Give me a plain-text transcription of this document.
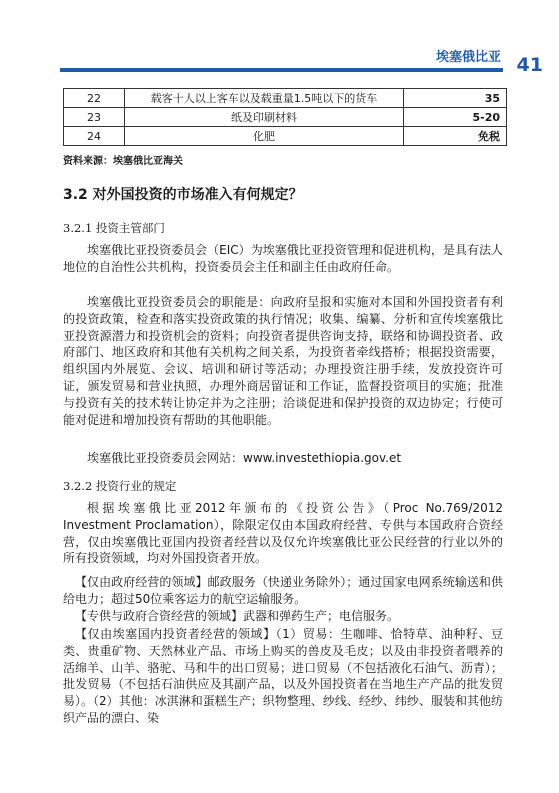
埃塞俄比亚 41
22	载客十人以上客车以及载重量1.5吨以下的货车	35
23	纸及印刷材料	5-20
24	化肥	免税
资料来源：埃塞俄比亚海关
3.2 对外国投资的市场准入有何规定？
3.2.1 投资主管部门

埃塞俄比亚投资委员会（EIC）为埃塞俄比亚投资管理和促进机构，是具有法人地位的自治性公共机构，投资委员会主任和副主任由政府任命。

埃塞俄比亚投资委员会的职能是：向政府呈报和实施对本国和外国投资者有利的投资政策，检查和落实投资政策的执行情况；收集、编纂、分析和宣传埃塞俄比亚投资源潜力和投资机会的资料；向投资者提供咨询支持，联络和协调投资者、政府部门、地区政府和其他有关机构之间关系，为投资者牵线搭桥；根据投资需要，组织国内外展览、会议、培训和研讨等活动；办理投资注册手续，发放投资许可证，颁发贸易和营业执照，办理外商居留证和工作证，监督投资项目的实施；批准与投资有关的技术转让协定并为之注册；洽谈促进和保护投资的双边协定；行使可能对促进和增加投资有帮助的其他职能。

埃塞俄比亚投资委员会网站：www.investethiopia.gov.et

3.2.2 投资行业的规定

根据埃塞俄比亚2012年颁布的《投资公告》（Proc No.769/2012 Investment Proclamation），除限定仅由本国政府经营、专供与本国政府合资经营，仅由埃塞俄比亚国内投资者经营以及仅允许埃塞俄比亚公民经营的行业以外的所有投资领域，均对外国投资者开放。

【仅由政府经营的领域】邮政服务（快递业务除外）；通过国家电网系统输送和供给电力；超过50位乘客运力的航空运输服务。

【专供与政府合资经营的领域】武器和弹药生产；电信服务。

【仅由埃塞国内投资者经营的领域】（1）贸易：生咖啡、恰特草、油种籽、豆类、贵重矿物、天然林业产品、市场上购买的兽皮及毛皮；以及由非投资者喂养的活绵羊、山羊、骆驼、马和牛的出口贸易；进口贸易（不包括液化石油气、沥青）；批发贸易（不包括石油供应及其副产品，以及外国投资者在当地生产产品的批发贸易）。（2）其他：冰淇淋和蛋糕生产；织物整理、纱线、经纱、纬纱、服装和其他纺织产品的漂白、染
